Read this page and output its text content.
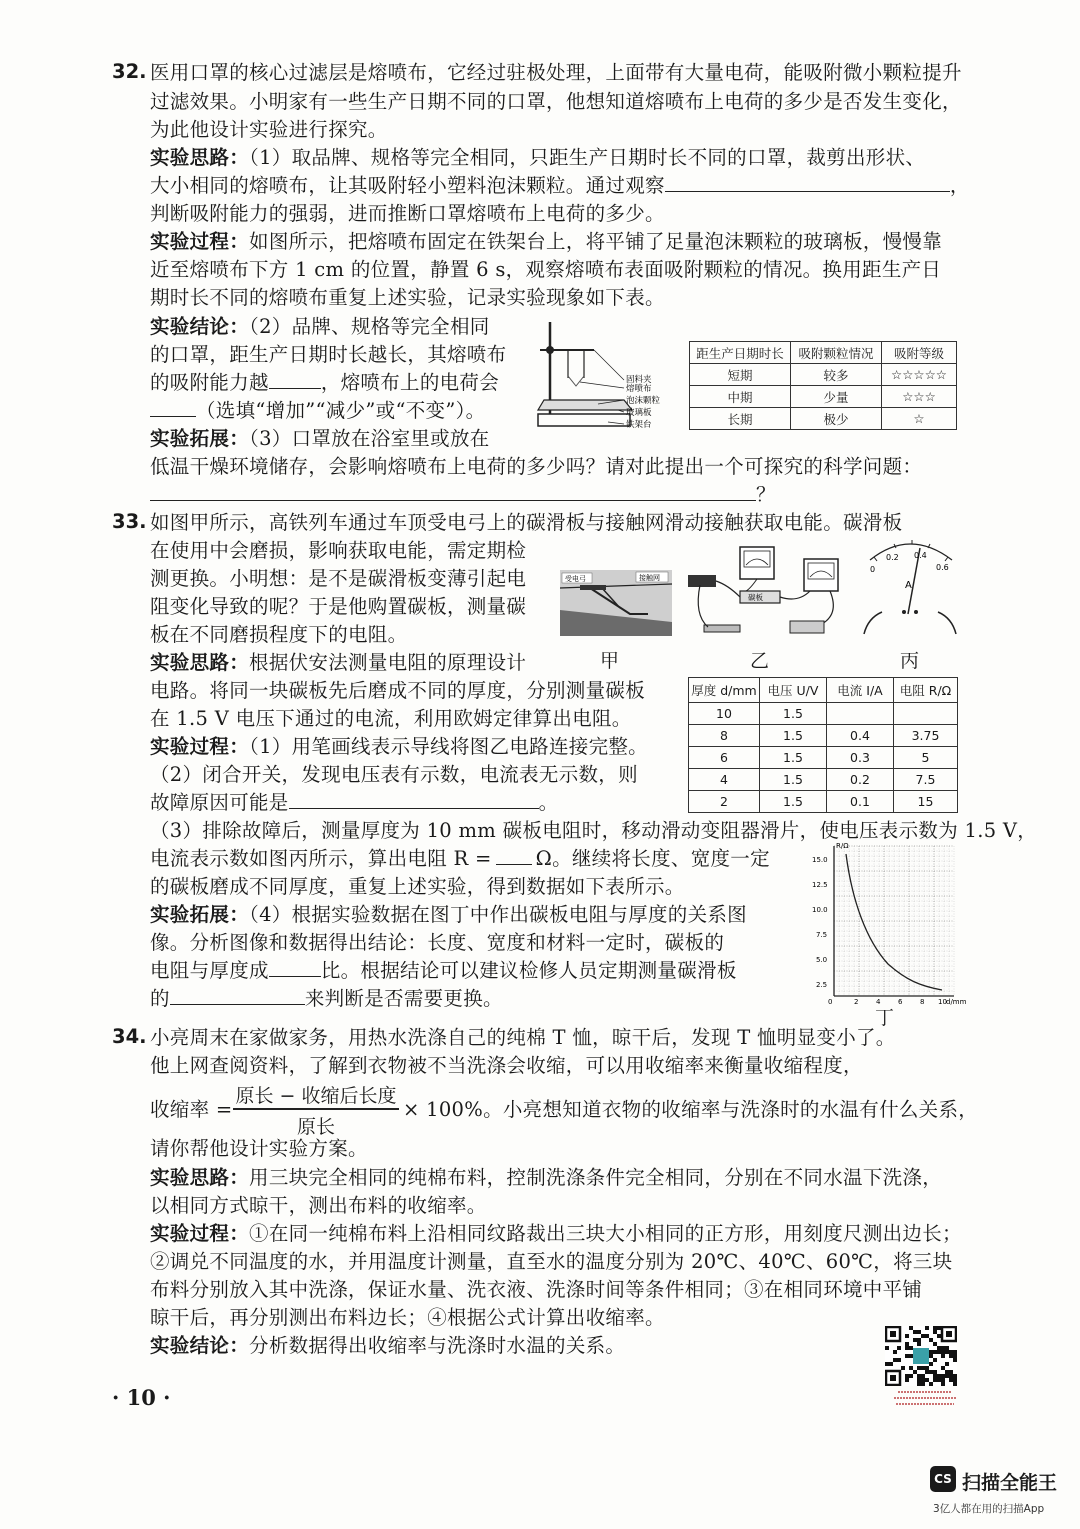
32. 医用口罩的核心过滤层是熔喷布，它经过驻极处理，上面带有大量电荷，能吸附微小颗粒提升
过滤效果。小明家有一些生产日期不同的口罩，他想知道熔喷布上电荷的多少是否发生变化，
为此他设计实验进行探究。
实验思路：（1）取品牌、规格等完全相同，只距生产日期时长不同的口罩，裁剪出形状、
大小相同的熔喷布，让其吸附轻小塑料泡沫颗粒。通过观察	，
判断吸附能力的强弱，进而推断口罩熔喷布上电荷的多少。
实验过程：如图所示，把熔喷布固定在铁架台上，将平铺了足量泡沫颗粒的玻璃板，慢慢靠
近至熔喷布下方 1 cm 的位置，静置 6 s，观察熔喷布表面吸附颗粒的情况。换用距生产日
期时长不同的熔喷布重复上述实验，记录实验现象如下表。
实验结论：（2）品牌、规格等完全相同
的口罩，距生产日期时长越长，其熔喷布
的吸附能力越	，熔喷布上的电荷会
（选填“增加”“减少”或“不变”）。
实验拓展：（3）口罩放在浴室里或放在
低温干燥环境储存，会影响熔喷布上电荷的多少吗？请对此提出一个可探究的科学问题：
？
固料夹
熔喷布
泡沫颗粒
玻璃板
铁架台
距生产日期时长	吸附颗粒情况	吸附等级
短期	较多	☆☆☆☆☆
中期	少量	☆☆☆
长期	极少	☆
33. 如图甲所示，高铁列车通过车顶受电弓上的碳滑板与接触网滑动接触获取电能。碳滑板
在使用中会磨损，影响获取电能，需定期检
测更换。小明想：是不是碳滑板变薄引起电
阻变化导致的呢？于是他购置碳板，测量碳
板在不同磨损程度下的电阻。
实验思路：根据伏安法测量电阻的原理设计
电路。将同一块碳板先后磨成不同的厚度，分别测量碳板
在 1.5 V 电压下通过的电流，利用欧姆定律算出电阻。
实验过程：（1）用笔画线表示导线将图乙电路连接完整。
（2）闭合开关，发现电压表有示数，电流表无示数，则
故障原因可能是	。
（3）排除故障后，测量厚度为 10 mm 碳板电阻时，移动滑动变阻器滑片，使电压表示数为 1.5 V，
电流表示数如图丙所示，算出电阻 R = Ω。继续将长度、宽度一定
的碳板磨成不同厚度，重复上述实验，得到数据如下表所示。
实验拓展：（4）根据实验数据在图丁中作出碳板电阻与厚度的关系图
像。分析图像和数据得出结论：长度、宽度和材料一定时，碳板的
电阻与厚度成	比。根据结论可以建议检修人员定期测量碳滑板
的	来判断是否需要更换。
受电弓	接触网
甲
碳板
乙
0
0.2 0.4
0.6
A
丙
厚度 d/mm	电压 U/V	电流 I/A	电阻 R/Ω
10	1.5		
8	1.5	0.4	3.75
6	1.5	0.3	5
4	1.5	0.2	7.5
2	1.5	0.1	15
R/Ω
d/mm
15.0
12.5
10.0
7.5
5.0
2.5
0	2	4	6	8 10
丁
34. 小亮周末在家做家务，用热水洗涤自己的纯棉 T 恤，晾干后，发现 T 恤明显变小了。
他上网查阅资料，了解到衣物被不当洗涤会收缩，可以用收缩率来衡量收缩程度，
收缩率 =
原长 − 收缩后长度
原长
× 100%。小亮想知道衣物的收缩率与洗涤时的水温有什么关系，
请你帮他设计实验方案。
实验思路：用三块完全相同的纯棉布料，控制洗涤条件完全相同，分别在不同水温下洗涤，
以相同方式晾干，测出布料的收缩率。
实验过程：①在同一纯棉布料上沿相同纹路裁出三块大小相同的正方形，用刻度尺测出边长；
②调兑不同温度的水，并用温度计测量，直至水的温度分别为 20℃、40℃、60℃，将三块
布料分别放入其中洗涤，保证水量、洗衣液、洗涤时间等条件相同；③在相同环境中平铺
晾干后，再分别测出布料边长；④根据公式计算出收缩率。
实验结论：分析数据得出收缩率与洗涤时水温的关系。
· 10 ·
CS 扫描全能王
3亿人都在用的扫描App
